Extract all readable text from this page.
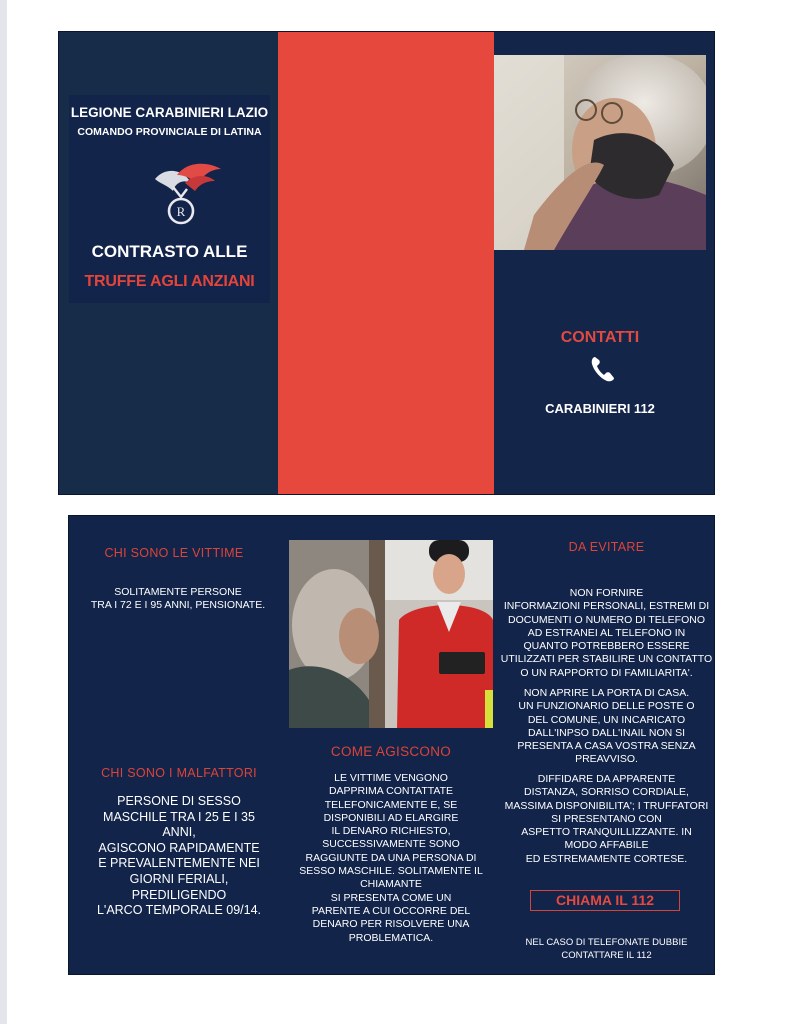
LEGIONE CARABINIERI LAZIO
COMANDO PROVINCIALE DI LATINA
R
CONTRASTO ALLE
TRUFFE AGLI ANZIANI
CONTATTI
CARABINIERI 112
CHI SONO LE VITTIME
SOLITAMENTE PERSONE
TRA I 72 E I 95 ANNI, PENSIONATE.
CHI SONO I MALFATTORI
PERSONE DI SESSO
MASCHILE TRA I 25 E I 35
ANNI,
AGISCONO RAPIDAMENTE
E PREVALENTEMENTE NEI
GIORNI FERIALI,
PREDILIGENDO
L'ARCO TEMPORALE 09/14.
COME AGISCONO
LE VITTIME VENGONO
DAPPRIMA CONTATTATE
TELEFONICAMENTE E, SE
DISPONIBILI AD ELARGIRE
IL DENARO RICHIESTO,
SUCCESSIVAMENTE SONO
RAGGIUNTE DA UNA PERSONA DI
SESSO MASCHILE. SOLITAMENTE IL
CHIAMANTE
SI PRESENTA COME UN
PARENTE A CUI OCCORRE DEL
DENARO PER RISOLVERE UNA
PROBLEMATICA.
DA EVITARE
NON FORNIRE
INFORMAZIONI PERSONALI, ESTREMI DI
DOCUMENTI O NUMERO DI TELEFONO
AD ESTRANEI AL TELEFONO IN
QUANTO POTREBBERO ESSERE
UTILIZZATI PER STABILIRE UN CONTATTO
O UN RAPPORTO DI FAMILIARITA'.
NON APRIRE LA PORTA DI CASA.
UN FUNZIONARIO DELLE POSTE O
DEL COMUNE, UN INCARICATO
DALL'INPSO DALL'INAIL NON SI
PRESENTA A CASA VOSTRA SENZA
PREAVVISO.
DIFFIDARE DA APPARENTE
DISTANZA, SORRISO CORDIALE,
MASSIMA DISPONIBILITA'; I TRUFFATORI
SI PRESENTANO CON
ASPETTO TRANQUILLIZZANTE. IN
MODO AFFABILE
ED ESTREMAMENTE CORTESE.
CHIAMA IL 112
NEL CASO DI TELEFONATE DUBBIE
CONTATTARE IL 112
